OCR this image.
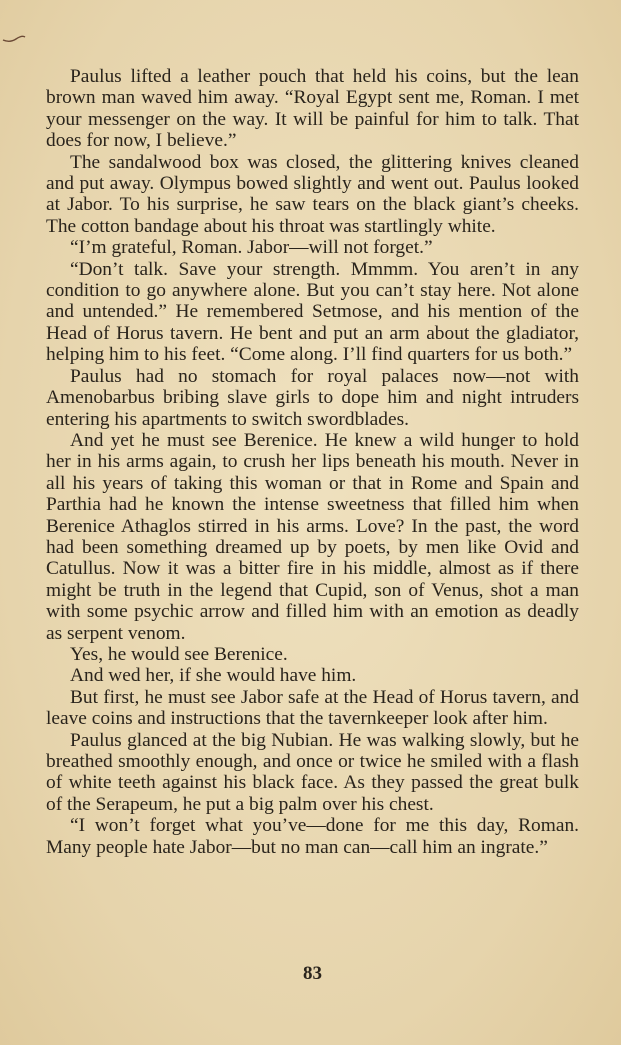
Paulus lifted a leather pouch that held his coins, but the lean brown man waved him away. “Royal Egypt sent me, Roman. I met your messenger on the way. It will be painful for him to talk. That does for now, I believe.”

The sandalwood box was closed, the glittering knives cleaned and put away. Olympus bowed slightly and went out. Paulus looked at Jabor. To his surprise, he saw tears on the black giant’s cheeks. The cotton bandage about his throat was startlingly white.

“I’m grateful, Roman. Jabor—will not forget.”

“Don’t talk. Save your strength. Mmmm. You aren’t in any condition to go anywhere alone. But you can’t stay here. Not alone and untended.” He remembered Setmose, and his mention of the Head of Horus tavern. He bent and put an arm about the gladiator, helping him to his feet. “Come along. I’ll find quarters for us both.”

Paulus had no stomach for royal palaces now—not with Amenobarbus bribing slave girls to dope him and night intruders entering his apartments to switch swordblades.

And yet he must see Berenice. He knew a wild hunger to hold her in his arms again, to crush her lips beneath his mouth. Never in all his years of taking this woman or that in Rome and Spain and Parthia had he known the intense sweetness that filled him when Berenice Athaglos stirred in his arms. Love? In the past, the word had been something dreamed up by poets, by men like Ovid and Catullus. Now it was a bitter fire in his middle, almost as if there might be truth in the legend that Cupid, son of Venus, shot a man with some psychic arrow and filled him with an emotion as deadly as serpent venom.

Yes, he would see Berenice.

And wed her, if she would have him.

But first, he must see Jabor safe at the Head of Horus tavern, and leave coins and instructions that the tavernkeeper look after him.

Paulus glanced at the big Nubian. He was walking slowly, but he breathed smoothly enough, and once or twice he smiled with a flash of white teeth against his black face. As they passed the great bulk of the Serapeum, he put a big palm over his chest.

“I won’t forget what you’ve—done for me this day, Roman. Many people hate Jabor—but no man can—call him an ingrate.”

83
